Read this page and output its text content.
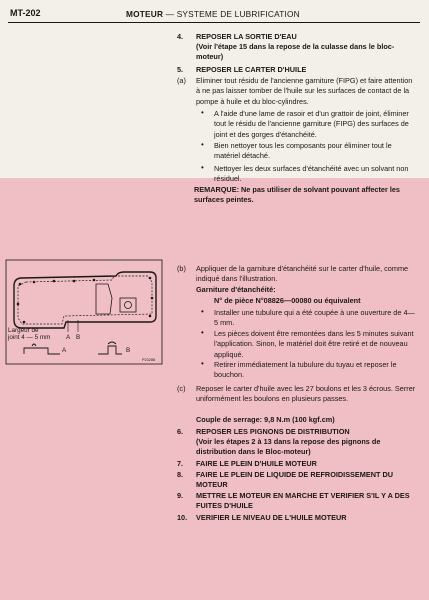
MT-202	MOTEUR — SYSTEME DE LUBRIFICATION
4. REPOSER LA SORTIE D'EAU
(Voir l'étape 15 dans la repose de la culasse dans le bloc-moteur)
5. REPOSER LE CARTER D'HUILE
(a) Eliminer tout résidu de l'ancienne garniture (FIPG) et faire attention à ne pas laisser tomber de l'huile sur les surfaces de contact de la pompe à huile et du bloc-cylindres.
• A l'aide d'une lame de rasoir et d'un grattoir de joint, éliminer tout le résidu de l'ancienne garniture (FIPG) des surfaces de joint et des gorges d'étanchéité.
• Bien nettoyer tous les composants pour éliminer tout le matériel détaché.
• Nettoyer les deux surfaces d'étanchéité avec un solvant non résiduel.
REMARQUE: Ne pas utiliser de solvant pouvant affecter les surfaces peintes.
Largeur de
joint 4 — 5 mm A B
A	B
P23288
(b) Appliquer de la garniture d'étanchéité sur le carter d'huile, comme indiqué dans l'illustration.
Garniture d'étanchéité:
N° de pièce N°08826—00080 ou équivalent
• Installer une tubulure qui a été coupée à une ouverture de 4—5 mm.
• Les pièces doivent être remontées dans les 5 minutes suivant l'application. Sinon, le matériel doit être retiré et de nouveau appliqué.
• Retirer immédiatement la tubulure du tuyau et reposer le bouchon.
(c) Reposer le carter d'huile avec les 27 boulons et les 3 écrous. Serrer uniformément les boulons en plusieurs passes.
Couple de serrage: 9,8 N.m (100 kgf.cm)
6. REPOSER LES PIGNONS DE DISTRIBUTION
(Voir les étapes 2 à 13 dans la repose des pignons de distribution dans le Bloc-moteur)
7. FAIRE LE PLEIN D'HUILE MOTEUR
8. FAIRE LE PLEIN DE LIQUIDE DE REFROIDISSEMENT DU MOTEUR
9. METTRE LE MOTEUR EN MARCHE ET VERIFIER S'IL Y A DES FUITES D'HUILE
10. VERIFIER LE NIVEAU DE L'HUILE MOTEUR
